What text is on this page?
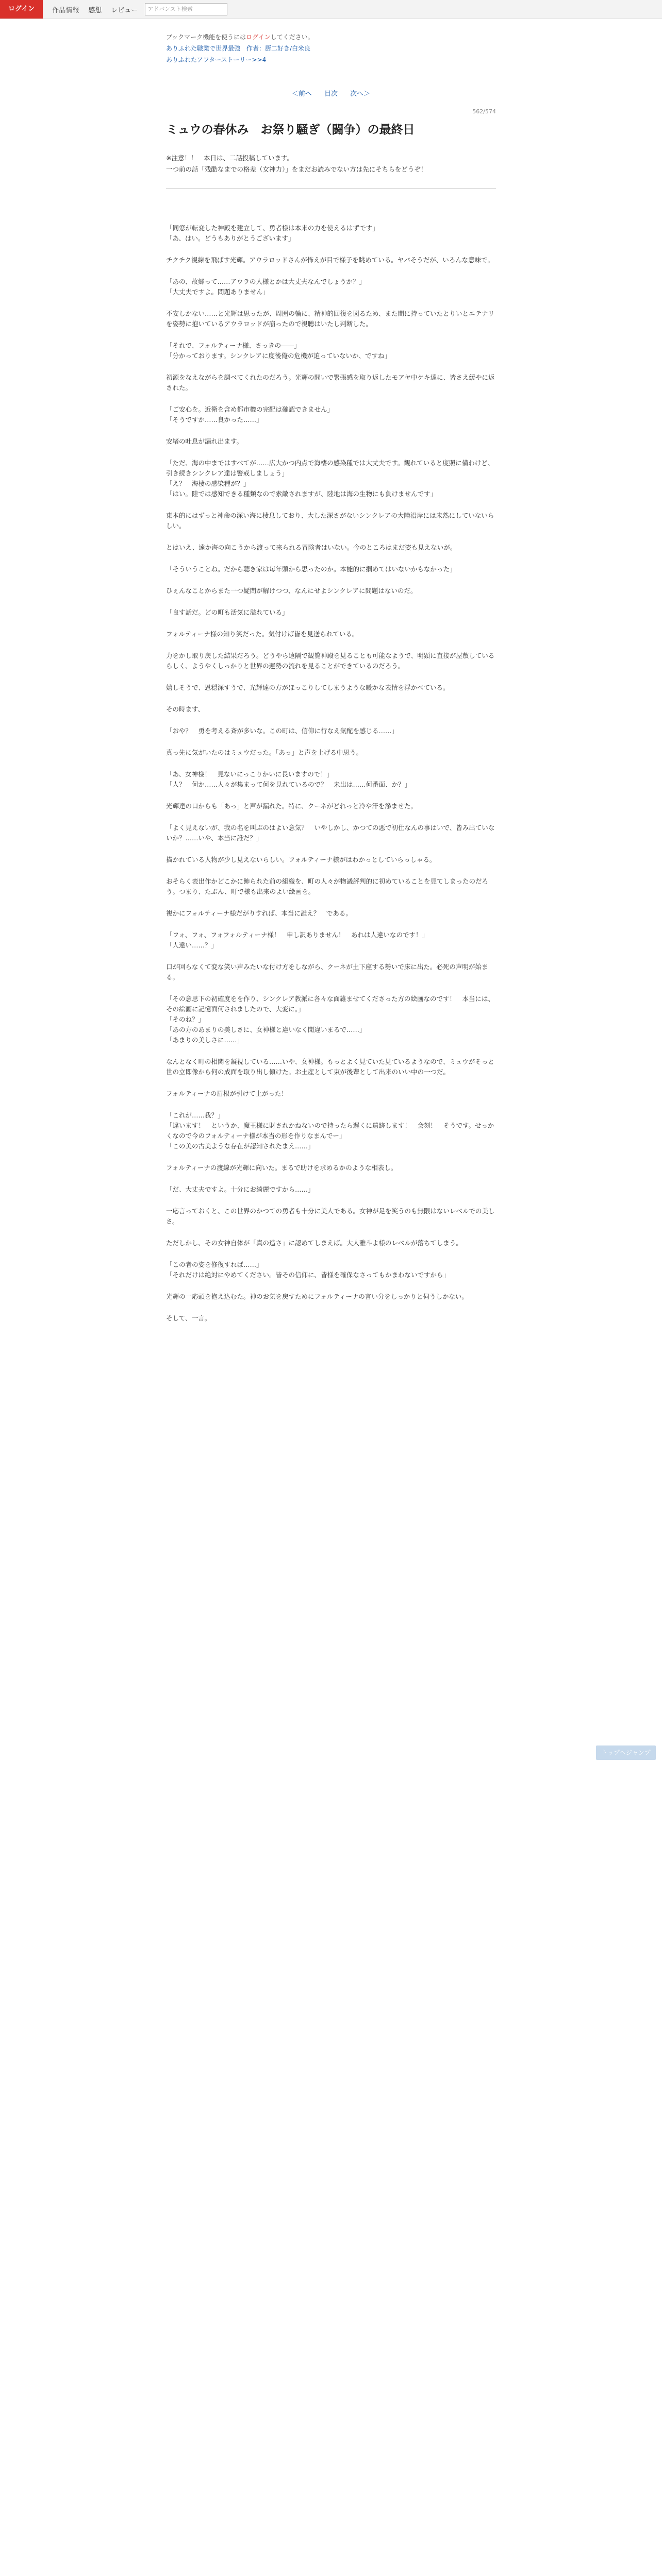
ログイン	作品情報 感想 レビュー	アドバンスト検索
ブックマーク機能を使うにはログインしてください。
ありふれた職業で世界最強　作者：厨二好き/白米良
ありふれたアフターストーリー>>4
＜前へ 目次 次へ＞
562/574
ミュウの春休み　お祭り騒ぎ（闘争）の最終日
※注意！！　本日は、二話投稿しています。
一つ前の話「残酷なまでの格差（女神力）」をまだお読みでない方は先にそちらをどうぞ！

「同窓が転変した神殿を建立して、勇者様は本来の力を使えるはずです」
「あ、はい。どうもありがとうございます」

チクチク視線を飛ばす光輝。アウラロッドさんが怖えが目で様子を眺めている。ヤバそうだが、いろんな意味で。

「あの、故郷って……アウラの人様とかは大丈夫なんでしょうか？」
「大丈夫ですよ。問題ありません」

不安しかない……と光輝は思ったが、周囲の輪に、精神的回復を図るため、また間に持っていたとりいとエテナリを姿勢に抱いているアウラロッドが崩ったので視聴はいたし判断した。

「それで、フォルティーナ様、さっきの――」
「分かっております。シンクレアに度後俺の危機が迫っていないか、ですね」

初源をなえながらを調べてくれたのだろう。光輝の問いで緊張感を取り返したモアヤ中ケキ達に、皆さえ緩やに返された。

「ご安心を。近衛を含め都市機の完配は確認できません」
「そうですか……良かった……」

安堵の吐息が漏れ出ます。

「ただ、海の中まではすべてが……広大かつ内点で海棲の感染種では大丈夫です。観れていると度照に備わけど、引き続きシンクレア達は警戒しましょう」
「え？　海棲の感染種が？」
「はい。陸では感知できる種類なので索敵されますが、陸地は海の生物にも負けませんです」

東本的にはずっと神命の深い海に棲息しており、大した深さがないシンクレアの大陸沿岸には未然にしていないらしい。

とはいえ、遠か海の向こうから渡って来られる冒険者はいない。今のところはまだ姿も見えないが。

「そういうことね。だから聴き家は毎年頭から思ったのか。本能的に掴めてはいないかもなかった」

ひぇんなことからまた一つ疑問が解けつつ、なんにせよシンクレアに問題はないのだ。

「良す話だ。どの町も活気に溢れている」

フォルティーナ様の知り笑だった。気付けば皆を見送られている。

力をかし取り戻した結果だろう。どうやら遠隔で観覧神殿を見ることも可能なようで、明顕に直接が屋敷しているらしく、ようやくしっかりと世界の運勢の流れを見ることができているのだろう。

嬉しそうで、恩穏深すうで、光輝達の方がほっこりしてしまうような暖かな表情を浮かべている。

その時ます、

「おや？　勇を考える斉が多いな。この町は、信仰に行なえ気配を感じる……」

真っ先に気がいたのはミュウだった。「あっ」と声を上げる中思う。

「あ、女神様！　見ないにっこりかいに長いますので！」
「人？　何か……人々が集まって何を見れているので？　未出は……何番面、か？」

光輝達の口からも「あっ」と声が漏れた。特に、クーネがどれっと冷や汗を滲ませた。

「よく見えないが、我の名を叫ぶのはよい意気？　いやしかし、かつての悪で初仕なんの事はいで、皆み出ていないか？……いや、本当に誰だ？」

描かれている人物が少し見えないらしい。フォルティーナ様がはわかっとしていらっしゃる。

おそらく表出作かどこかに飾られた前の組織を、町の人々が物議評判的に初めていることを見てしまったのだろう。つまり、たぶん、町で様も出来のよい絵画を。

複かにフォルティーナ様だがりすれば、本当に誰え？　である。

「フォ、フォ、フォフォルティーナ様！　申し訳ありません！　あれは人違いなのです！」
「人違い……？」

口が回らなくて変な笑い声みたいな付け方をしながら、クーネが土下座する勢いで床に出た。必死の声明が始まる。

「その意思下の初確度をを作り、シンクレア教派に各々な面雑ませてくださった方の絵画なのです！　本当には、その絵画に記憶面何されましたので、大変に。」
「そのね？」
「あの方のあまりの美しさに、女神様と違いなく聞違いまるで……」
「あまりの美しさに……」

なんとなく町の相関を凝視している……いや、女神様。もっとよく見ていた見ているようなので、ミュウがそっと世の立即像から何の成面を取り出し傾けた。お土産として束が後輩として出来のいい中の一つだ。

フォルティーナの眉根が引けて上がった！

「これが……我？」
「違います！　というか、魔王様に財されかねないので持ったら遅くに遺跡します！　会刻！　そうです。せっかくなので今のフォルティーナ様が本当の形を作りなまんでー」
「この美の古美ような存在が認知されたまえ……」

フォルティーナの渡線が光輝に向いた。まるで助けを求めるかのような相表し。

「だ、大丈夫ですよ。十分にお綺麗ですから……」

一応言っておくと、この世界のかつての勇者も十分に美人である。女神が足を笑うのも無限はないレベルでの美しさ。

ただしかし、その女神自体が「真の造さ」に認めてしまえば。大人雅斗よ様のレベルが落ちてしまう。

「この者の姿を修復すれば……」
「それだけは絶対にやめてください。皆その信仰に、皆様を確保なさってもかまわないですから」

光輝の一応頭を抱え込むた。神のお気を戻すためにフォルティーナの言い分をしっかりと伺うしかない。

そして、一言。

トップへジャンプ
